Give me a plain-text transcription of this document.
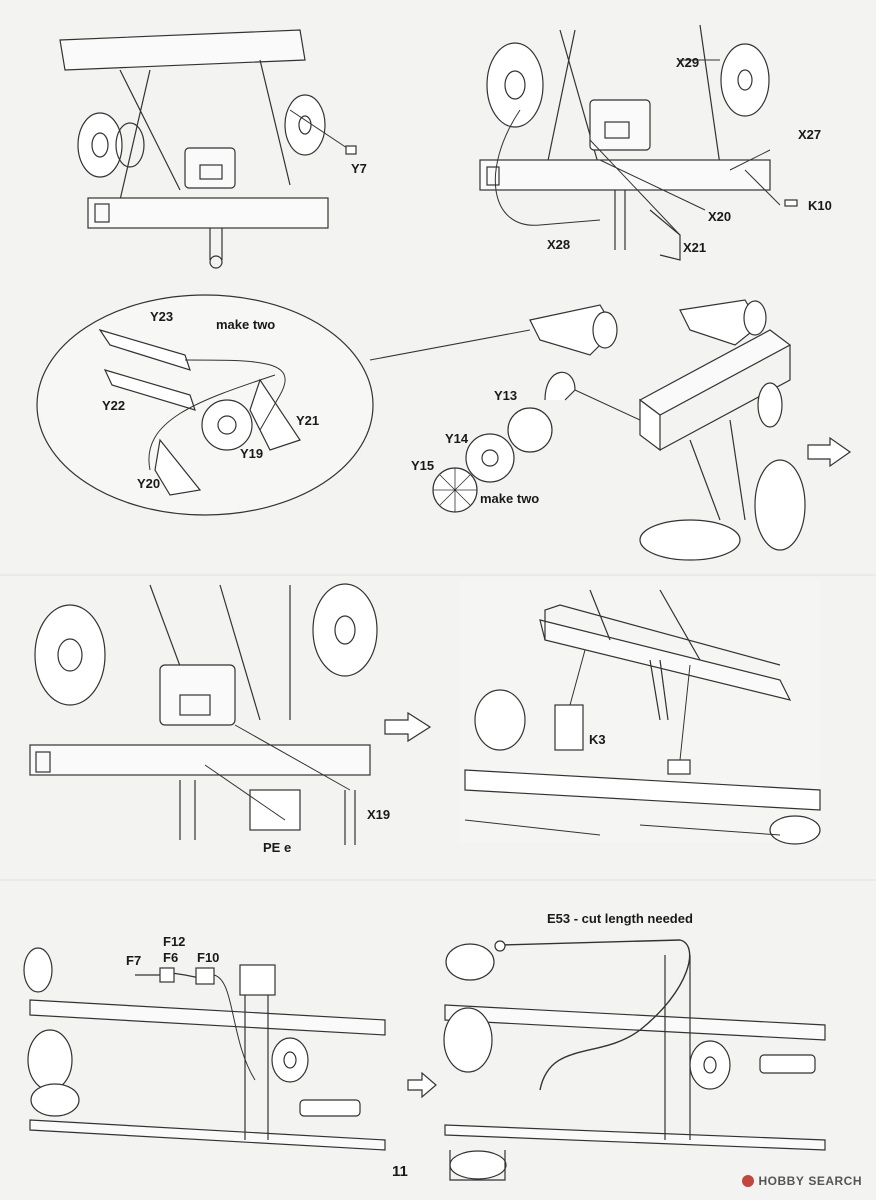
Y7
X29
X27
K10
X20
X21
X28
Y23
make two
Y22
Y21
Y19
Y20
Y13
Y14
Y15
make two
X19
PE e
K3
F12
F7 F6 F10
E53 - cut length needed
11
HOBBY SEARCH
